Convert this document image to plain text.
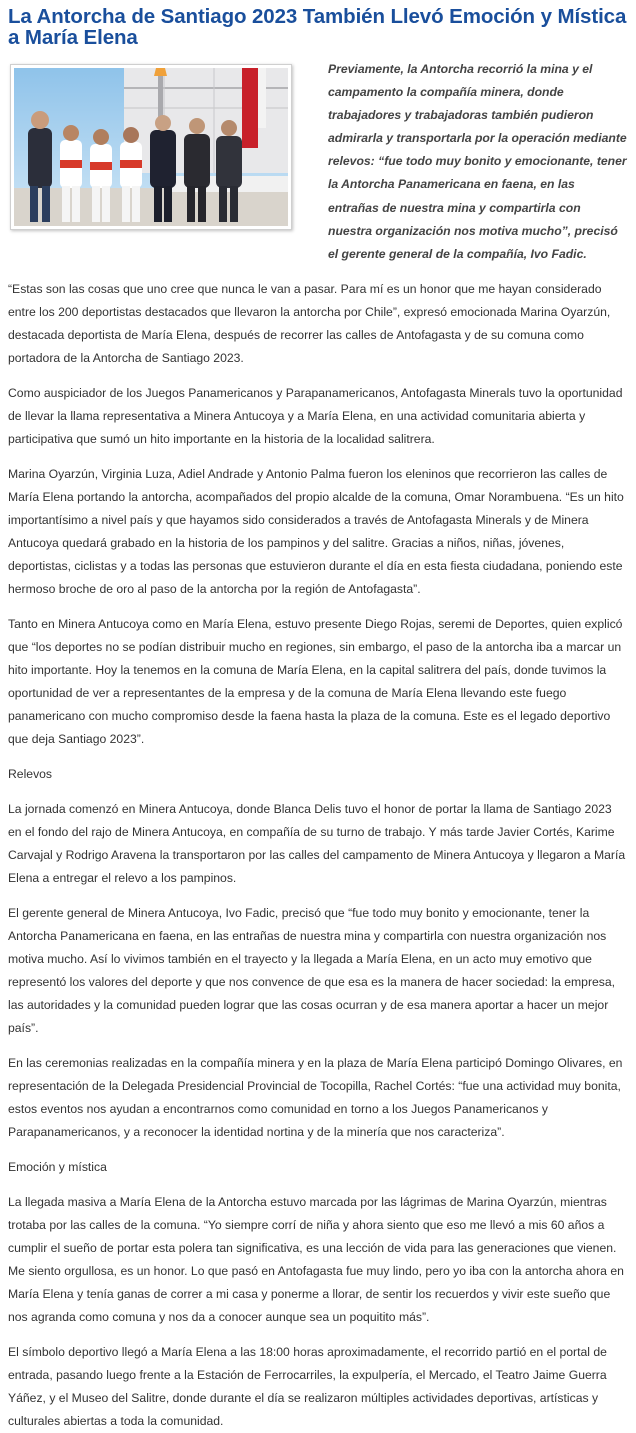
La Antorcha de Santiago 2023 También Llevó Emoción y Mística a María Elena
Previamente, la Antorcha recorrió la mina y el campamento la compañía minera, donde trabajadores y trabajadoras también pudieron admirarla y transportarla por la operación mediante relevos: “fue todo muy bonito y emocionante, tener la Antorcha Panamericana en faena, en las entrañas de nuestra mina y compartirla con nuestra organización nos motiva mucho”, precisó el gerente general de la compañía, Ivo Fadic.

“Estas son las cosas que uno cree que nunca le van a pasar. Para mí es un honor que me hayan considerado entre los 200 deportistas destacados que llevaron la antorcha por Chile”, expresó emocionada Marina Oyarzún, destacada deportista de María Elena, después de recorrer las calles de Antofagasta y de su comuna como portadora de la Antorcha de Santiago 2023.

Como auspiciador de los Juegos Panamericanos y Parapanamericanos, Antofagasta Minerals tuvo la oportunidad de llevar la llama representativa a Minera Antucoya y a María Elena, en una actividad comunitaria abierta y participativa que sumó un hito importante en la historia de la localidad salitrera.

Marina Oyarzún, Virginia Luza, Adiel Andrade y Antonio Palma fueron los eleninos que recorrieron las calles de María Elena portando la antorcha, acompañados del propio alcalde de la comuna, Omar Norambuena. “Es un hito importantísimo a nivel país y que hayamos sido considerados a través de Antofagasta Minerals y de Minera Antucoya quedará grabado en la historia de los pampinos y del salitre. Gracias a niños, niñas, jóvenes, deportistas, ciclistas y a todas las personas que estuvieron durante el día en esta fiesta ciudadana, poniendo este hermoso broche de oro al paso de la antorcha por la región de Antofagasta”.

Tanto en Minera Antucoya como en María Elena, estuvo presente Diego Rojas, seremi de Deportes, quien explicó que “los deportes no se podían distribuir mucho en regiones, sin embargo, el paso de la antorcha iba a marcar un hito importante. Hoy la tenemos en la comuna de María Elena, en la capital salitrera del país, donde tuvimos la oportunidad de ver a representantes de la empresa y de la comuna de María Elena llevando este fuego panamericano con mucho compromiso desde la faena hasta la plaza de la comuna. Este es el legado deportivo que deja Santiago 2023”.

Relevos

La jornada comenzó en Minera Antucoya, donde Blanca Delis tuvo el honor de portar la llama de Santiago 2023 en el fondo del rajo de Minera Antucoya, en compañía de su turno de trabajo. Y más tarde Javier Cortés, Karime Carvajal y Rodrigo Aravena la transportaron por las calles del campamento de Minera Antucoya y llegaron a María Elena a entregar el relevo a los pampinos.

El gerente general de Minera Antucoya, Ivo Fadic, precisó que “fue todo muy bonito y emocionante, tener la Antorcha Panamericana en faena, en las entrañas de nuestra mina y compartirla con nuestra organización nos motiva mucho. Así lo vivimos también en el trayecto y la llegada a María Elena, en un acto muy emotivo que representó los valores del deporte y que nos convence de que esa es la manera de hacer sociedad: la empresa, las autoridades y la comunidad pueden lograr que las cosas ocurran y de esa manera aportar a hacer un mejor país”.

En las ceremonias realizadas en la compañía minera y en la plaza de María Elena participó Domingo Olivares, en representación de la Delegada Presidencial Provincial de Tocopilla, Rachel Cortés: “fue una actividad muy bonita, estos eventos nos ayudan a encontrarnos como comunidad en torno a los Juegos Panamericanos y Parapanamericanos, y a reconocer la identidad nortina y de la minería que nos caracteriza”.

Emoción y mística

La llegada masiva a María Elena de la Antorcha estuvo marcada por las lágrimas de Marina Oyarzún, mientras trotaba por las calles de la comuna. “Yo siempre corrí de niña y ahora siento que eso me llevó a mis 60 años a cumplir el sueño de portar esta polera tan significativa, es una lección de vida para las generaciones que vienen. Me siento orgullosa, es un honor. Lo que pasó en Antofagasta fue muy lindo, pero yo iba con la antorcha ahora en María Elena y tenía ganas de correr a mi casa y ponerme a llorar, de sentir los recuerdos y vivir este sueño que nos agranda como comuna y nos da a conocer aunque sea un poquitito más”.

El símbolo deportivo llegó a María Elena a las 18:00 horas aproximadamente, el recorrido partió en el portal de entrada, pasando luego frente a la Estación de Ferrocarriles, la expulpería, el Mercado, el Teatro Jaime Guerra Yáñez, y el Museo del Salitre, donde durante el día se realizaron múltiples actividades deportivas, artísticas y culturales abiertas a toda la comunidad.
